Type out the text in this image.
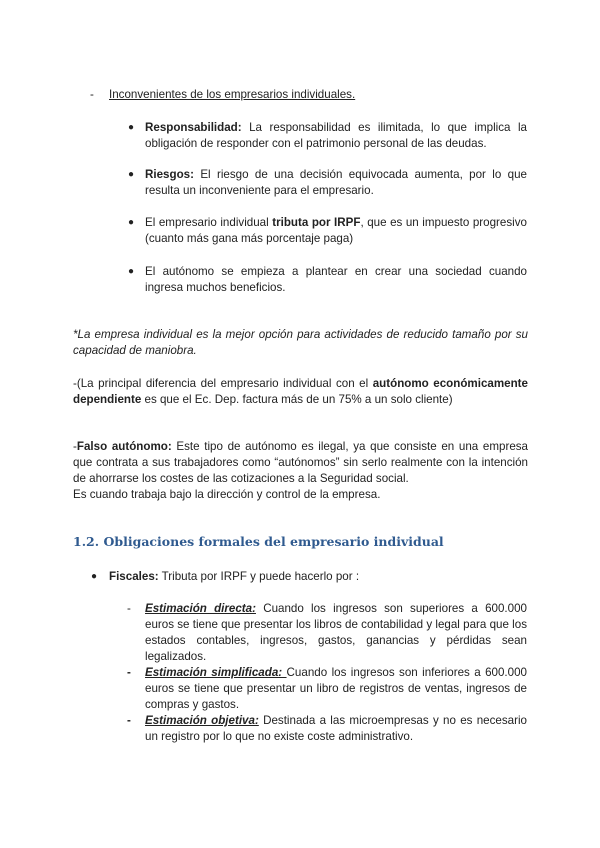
- Inconvenientes de los empresarios individuales.
● Responsabilidad: La responsabilidad es ilimitada, lo que implica la obligación de responder con el patrimonio personal de las deudas.
● Riesgos: El riesgo de una decisión equivocada aumenta, por lo que resulta un inconveniente para el empresario.
● El empresario individual tributa por IRPF, que es un impuesto progresivo (cuanto más gana más porcentaje paga)
● El autónomo se empieza a plantear en crear una sociedad cuando ingresa muchos beneficios.
*La empresa individual es la mejor opción para actividades de reducido tamaño por su capacidad de maniobra.
-(La principal diferencia del empresario individual con el autónomo económicamente dependiente es que el Ec. Dep. factura más de un 75% a un solo cliente)
-Falso autónomo: Este tipo de autónomo es ilegal, ya que consiste en una empresa que contrata a sus trabajadores como “autónomos” sin serlo realmente con la intención de ahorrarse los costes de las cotizaciones a la Seguridad social.
Es cuando trabaja bajo la dirección y control de la empresa.
1.2. Obligaciones formales del empresario individual
● Fiscales: Tributa por IRPF y puede hacerlo por :
- Estimación directa: Cuando los ingresos son superiores a 600.000 euros se tiene que presentar los libros de contabilidad y legal para que los estados contables, ingresos, gastos, ganancias y pérdidas sean legalizados.
- Estimación simplificada: Cuando los ingresos son inferiores a 600.000 euros se tiene que presentar un libro de registros de ventas, ingresos de compras y gastos.
- Estimación objetiva: Destinada a las microempresas y no es necesario un registro por lo que no existe coste administrativo.
